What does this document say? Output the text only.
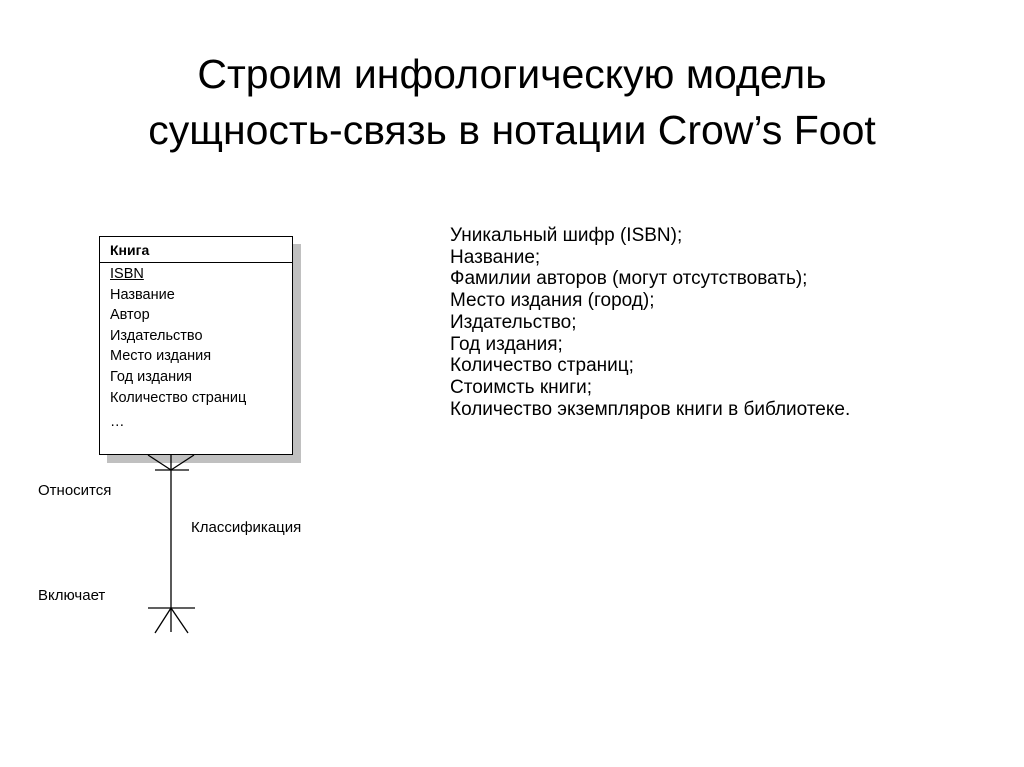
Строим инфологическую модель
сущность-связь в нотации Crow’s Foot
Книга
ISBN
Название
Автор
Издательство
Место издания
Год издания
Количество страниц
…
Относится
Классификация
Включает
Уникальный шифр (ISBN);
Название;
Фамилии авторов (могут отсутствовать);
Место издания (город);
Издательство;
Год издания;
Количество страниц;
Стоимсть книги;
Количество экземпляров книги в библиотеке.
